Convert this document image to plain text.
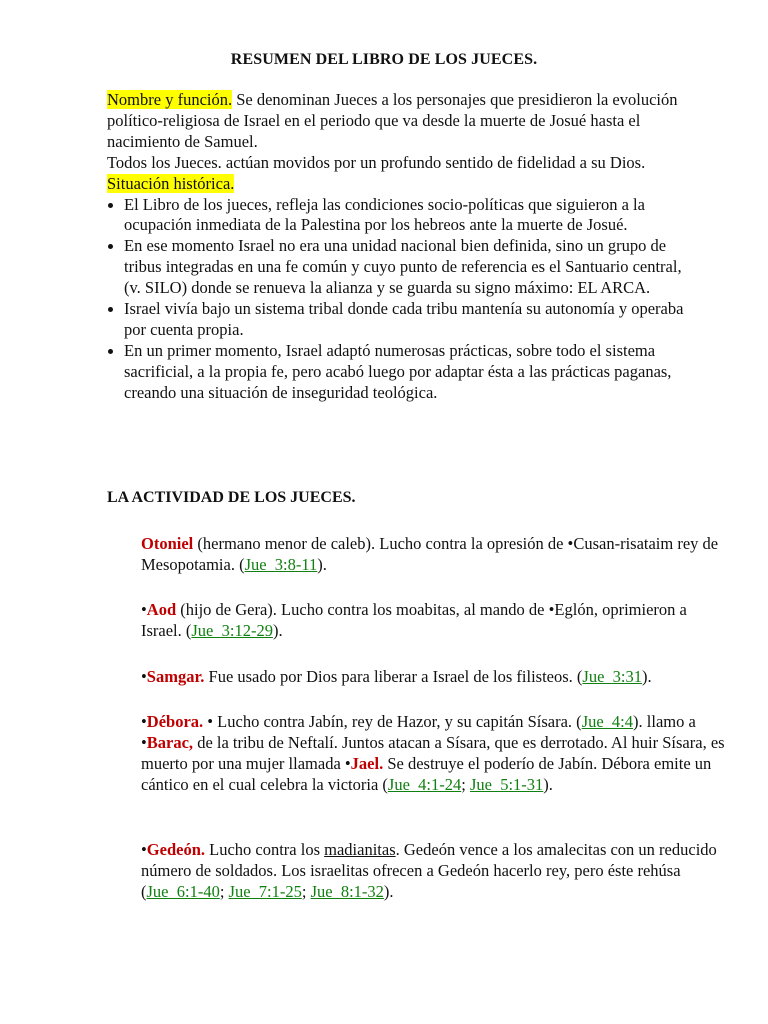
RESUMEN DEL LIBRO DE LOS JUECES.

Nombre y función. Se denominan Jueces a los personajes que presidieron la evolución político-religiosa de Israel en el periodo que va desde la muerte de Josué hasta el nacimiento de Samuel.

Todos los Jueces. actúan movidos por un profundo sentido de fidelidad a su Dios.

Situación histórica.

El Libro de los jueces, refleja las condiciones socio-políticas que siguieron a la ocupación inmediata de la Palestina por los hebreos ante la muerte de Josué.
En ese momento Israel no era una unidad nacional bien definida, sino un grupo de tribus integradas en una fe común y cuyo punto de referencia es el Santuario central, (v. SILO) donde se renueva la alianza y se guarda su signo máximo: EL ARCA.
Israel vivía bajo un sistema tribal donde cada tribu mantenía su autonomía y operaba por cuenta propia.
En un primer momento, Israel adaptó numerosas prácticas, sobre todo el sistema sacrificial, a la propia fe, pero acabó luego por adaptar ésta a las prácticas paganas, creando una situación de inseguridad teológica.
LA ACTIVIDAD DE LOS JUECES.

Otoniel (hermano menor de caleb). Lucho contra la opresión de •Cusan-risataim rey de Mesopotamia. (Jue_3:8-11).

•Aod (hijo de Gera). Lucho contra los moabitas, al mando de •Eglón, oprimieron a Israel. (Jue_3:12-29).

•Samgar. Fue usado por Dios para liberar a Israel de los filisteos. (Jue_3:31).

•Débora. • Lucho contra Jabín, rey de Hazor, y su capitán Sísara. (Jue_4:4). llamo a •Barac, de la tribu de Neftalí. Juntos atacan a Sísara, que es derrotado. Al huir Sísara, es muerto por una mujer llamada •Jael. Se destruye el poderío de Jabín. Débora emite un cántico en el cual celebra la victoria (Jue_4:1-24; Jue_5:1-31).

•Gedeón. Lucho contra los madianitas. Gedeón vence a los amalecitas con un reducido número de soldados. Los israelitas ofrecen a Gedeón hacerlo rey, pero éste rehúsa (Jue_6:1-40; Jue_7:1-25; Jue_8:1-32).
